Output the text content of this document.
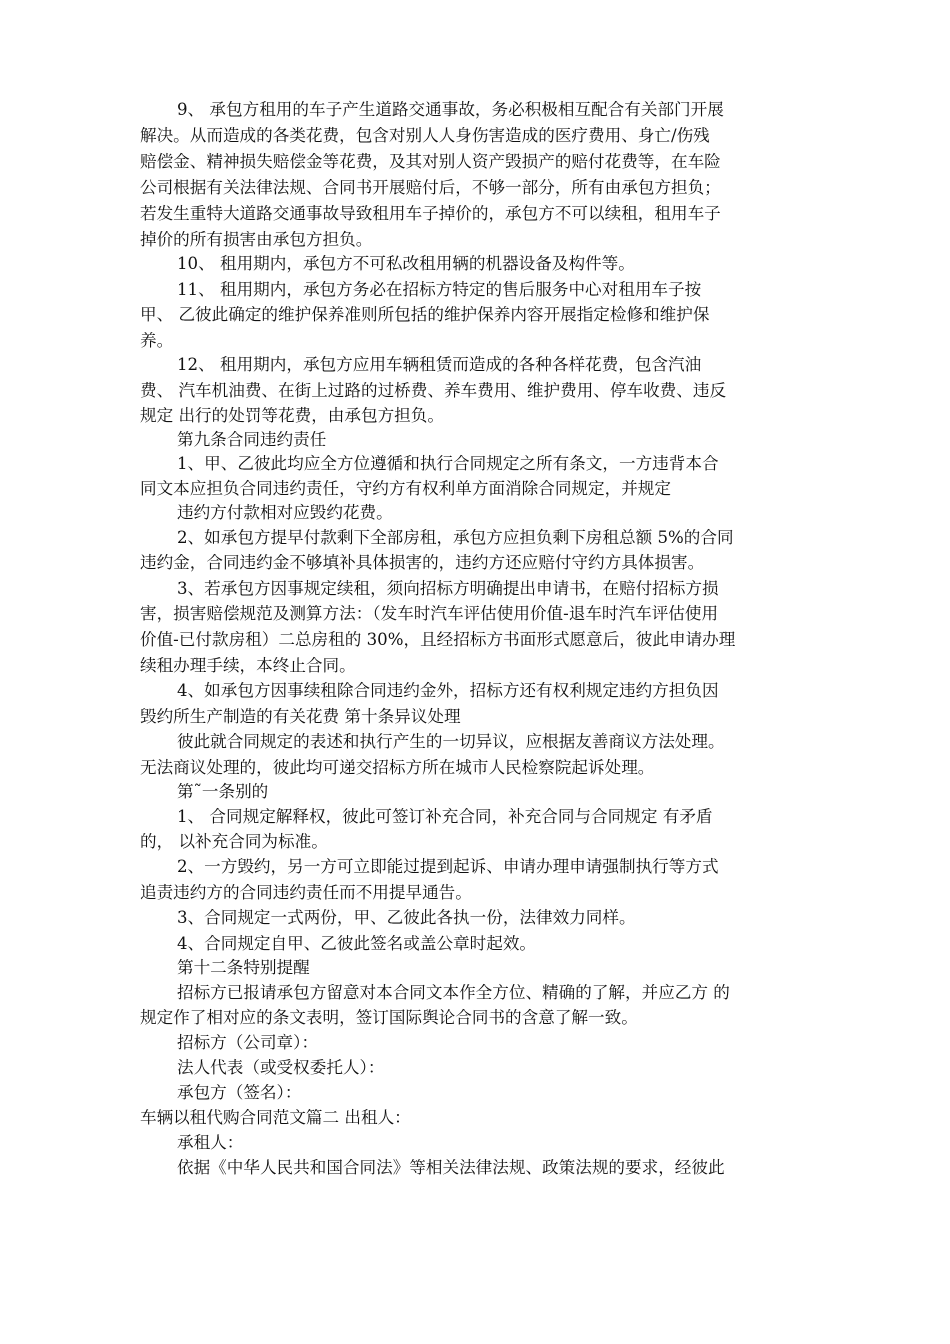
9、 承包方租用的车子产生道路交通事故，务必积极相互配合有关部门开展
解决。从而造成的各类花费，包含对别人人身伤害造成的医疗费用、身亡/伤残
赔偿金、精神损失赔偿金等花费，及其对别人资产毁损产的赔付花费等，在车险
公司根据有关法律法规、合同书开展赔付后，不够一部分，所有由承包方担负；
若发生重特大道路交通事故导致租用车子掉价的，承包方不可以续租，租用车子
掉价的所有损害由承包方担负。
10、 租用期内，承包方不可私改租用辆的机器设备及构件等。
11、 租用期内，承包方务必在招标方特定的售后服务中心对租用车子按
甲、 乙彼此确定的维护保养准则所包括的维护保养内容开展指定检修和维护保
养。
12、 租用期内，承包方应用车辆租赁而造成的各种各样花费，包含汽油
费、 汽车机油费、在街上过路的过桥费、养车费用、维护费用、停车收费、违反
规定 出行的处罚等花费，由承包方担负。
第九条合同违约责任
1、甲、乙彼此均应全方位遵循和执行合同规定之所有条文，一方违背本合
同文本应担负合同违约责任，守约方有权利单方面消除合同规定，并规定
违约方付款相对应毁约花费。
2、如承包方提早付款剩下全部房租，承包方应担负剩下房租总额 5%的合同
违约金，合同违约金不够填补具体损害的，违约方还应赔付守约方具体损害。
3、若承包方因事规定续租，须向招标方明确提出申请书，在赔付招标方损
害，损害赔偿规范及测算方法：（发车时汽车评估使用价值-退车时汽车评估使用
价值-已付款房租）二总房租的 30%，且经招标方书面形式愿意后，彼此申请办理
续租办理手续，本终止合同。
4、如承包方因事续租除合同违约金外，招标方还有权利规定违约方担负因
毁约所生产制造的有关花费 第十条异议处理
彼此就合同规定的表述和执行产生的一切异议，应根据友善商议方法处理。
无法商议处理的，彼此均可递交招标方所在城市人民检察院起诉处理。
第˜一条别的
1、 合同规定解释权，彼此可签订补充合同，补充合同与合同规定 有矛盾
的， 以补充合同为标准。
2、一方毁约，另一方可立即能过提到起诉、申请办理申请强制执行等方式
追责违约方的合同违约责任而不用提早通告。
3、合同规定一式两份，甲、乙彼此各执一份，法律效力同样。
4、合同规定自甲、乙彼此签名或盖公章时起效。
第十二条特别提醒
招标方已报请承包方留意对本合同文本作全方位、精确的了解，并应乙方 的
规定作了相对应的条文表明，签订国际舆论合同书的含意了解一致。
招标方（公司章）：
法人代表（或受权委托人）：
承包方（签名）：
车辆以租代购合同范文篇二 出租人：
承租人：
依据《中华人民共和国合同法》等相关法律法规、政策法规的要求，经彼此
